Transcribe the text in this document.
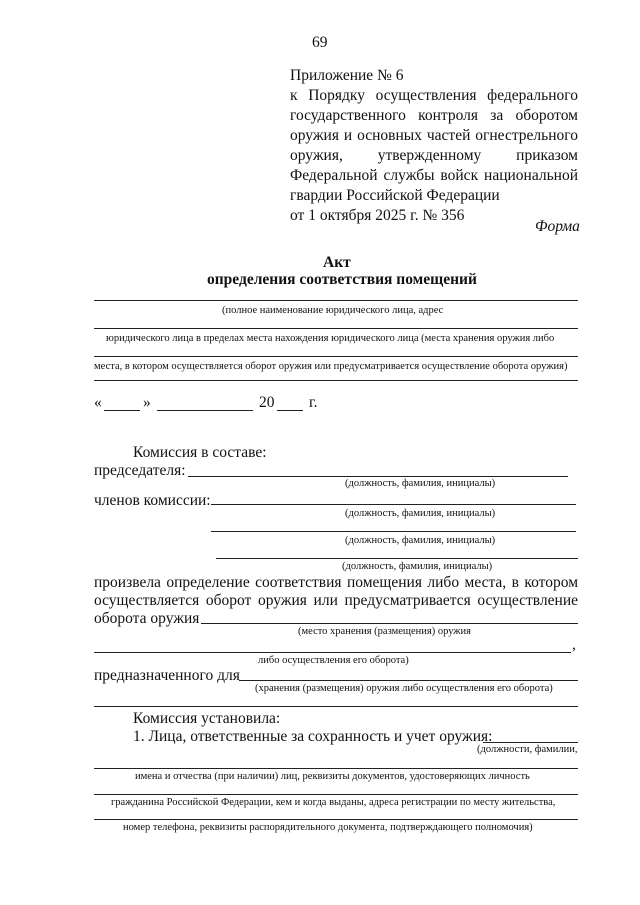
69
Приложение № 6
к Порядку осуществления федерального
государственного контроля за оборотом
оружия и основных частей огнестрельного
оружия, утвержденному приказом
Федеральной службы войск национальной
гвардии Российской Федерации
от 1 октября 2025 г. № 356
Форма
Акт
определения соответствия помещений
(полное наименование юридического лица, адрес
юридического лица в пределах места нахождения юридического лица (места хранения оружия либо
места, в котором осуществляется оборот оружия или предусматривается осуществление оборота оружия)
«	»	20 г.
Комиссия в составе:
председателя:
(должность, фамилия, инициалы)
членов комиссии:
(должность, фамилия, инициалы)
(должность, фамилия, инициалы)
(должность, фамилия, инициалы)
произвела определение соответствия помещения либо места, в котором
осуществляется оборот оружия или предусматривается осуществление
оборота оружия
(место хранения (размещения) оружия
,
либо осуществления его оборота)
предназначенного для
(хранения (размещения) оружия либо осуществления его оборота)
Комиссия установила:
1. Лица, ответственные за сохранность и учет оружия:
(должности, фамилии,
имена и отчества (при наличии) лиц, реквизиты документов, удостоверяющих личность
гражданина Российской Федерации, кем и когда выданы, адреса регистрации по месту жительства,
номер телефона, реквизиты распорядительного документа, подтверждающего полномочия)
